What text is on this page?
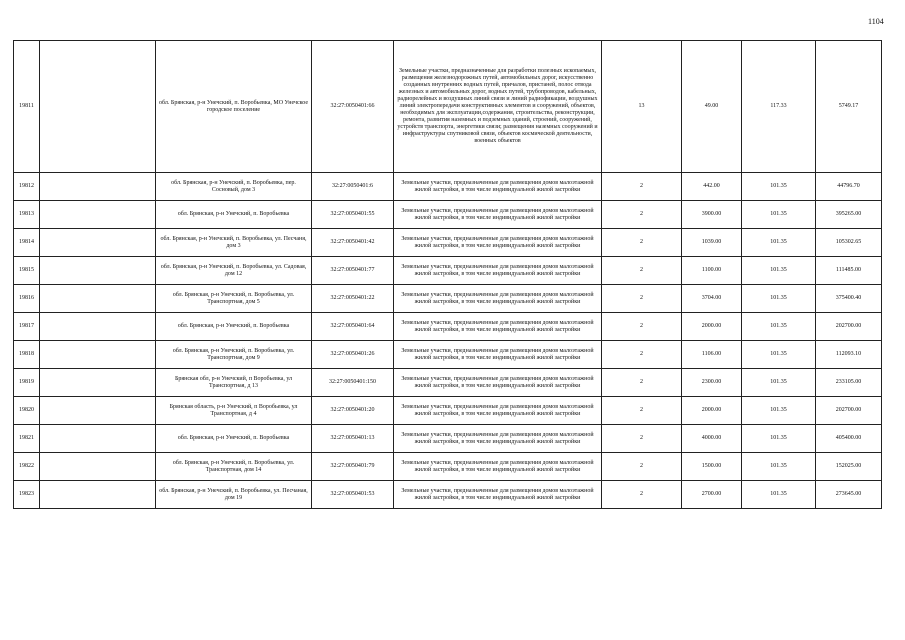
1104
19811		обл. Брянская, р-н Унечский, п. Воробьевка, МО Унечское городское поселение	32:27:0050401:66	Земельные участки, предназначенные для разработки полезных ископаемых, размещения железнодорожных путей, автомобильных дорог, искусственно созданных внутренних водных путей, причалов, пристаней, полос отвода железных и автомобильных дорог, водных путей, трубопроводов, кабельных, радиорелейных и воздушных линий связи и линий радиофикации, воздушных линий электропередачи конструктивных элементов и сооружений, объектов, необходимых для эксплуатации,содержания, строительства, реконструкции, ремонта, развития наземных и подземных зданий, строений, сооружений, устройств транспорта, энергетики связи; размещения наземных сооружений и инфраструктуры спутниковой связи, объектов космической деятельности, военных объектов	13	49.00	117.33	5749.17
19812		обл. Брянская, р-н Унечский, п. Воробьевка, пер. Сосновый, дом 3	32:27:0050401:6	Земельные участки, предназначенные для размещения домов малоэтажной жилой застройки, в том числе индивидуальной жилой застройки	2	442.00	101.35	44796.70
19813		обл. Брянская, р-н Унечский, п. Воробьевка	32:27:0050401:55	Земельные участки, предназначенные для размещения домов малоэтажной жилой застройки, в том числе индивидуальной жилой застройки	2	3900.00	101.35	395265.00
19814		обл. Брянская, р-н Унечский, п. Воробьевка, ул. Песчаня, дом 3	32:27:0050401:42	Земельные участки, предназначенные для размещения домов малоэтажной жилой застройки, в том числе индивидуальной жилой застройки	2	1039.00	101.35	105302.65
19815		обл. Брянская, р-н Унечский, п. Воробьевка, ул. Садовая, дом 12	32:27:0050401:77	Земельные участки, предназначенные для размещения домов малоэтажной жилой застройки, в том числе индивидуальной жилой застройки	2	1100.00	101.35	111485.00
19816		обл. Брянская, р-н Унечский, п. Воробьевка, ул. Транспортная, дом 5	32:27:0050401:22	Земельные участки, предназначенные для размещения домов малоэтажной жилой застройки, в том числе индивидуальной жилой застройки	2	3704.00	101.35	375400.40
19817		обл. Брянская, р-н Унечский, п. Воробьевка	32:27:0050401:64	Земельные участки, предназначенные для размещения домов малоэтажной жилой застройки, в том числе индивидуальной жилой застройки	2	2000.00	101.35	202700.00
19818		обл. Брянская, р-н Унечский, п. Воробьевка, ул. Транспортная, дом 9	32:27:0050401:26	Земельные участки, предназначенные для размещения домов малоэтажной жилой застройки, в том числе индивидуальной жилой застройки	2	1106.00	101.35	112093.10
19819		Брянская обл, р-н Унечский, п Воробьевка, ул Транспортная, д 13	32:27:0050401:150	Земельные участки, предназначенные для размещения домов малоэтажной жилой застройки, в том числе индивидуальной жилой застройки	2	2300.00	101.35	233105.00
19820		Брянская область, р-н Унечский, п Воробьевка, ул Транспортная, д 4	32:27:0050401:20	Земельные участки, предназначенные для размещения домов малоэтажной жилой застройки, в том числе индивидуальной жилой застройки	2	2000.00	101.35	202700.00
19821		обл. Брянская, р-н Унечский, п. Воробьевка	32:27:0050401:13	Земельные участки, предназначенные для размещения домов малоэтажной жилой застройки, в том числе индивидуальной жилой застройки	2	4000.00	101.35	405400.00
19822		обл. Брянская, р-н Унечский, п. Воробьевка, ул. Транспортная, дом 14	32:27:0050401:79	Земельные участки, предназначенные для размещения домов малоэтажной жилой застройки, в том числе индивидуальной жилой застройки	2	1500.00	101.35	152025.00
19823		обл. Брянская, р-н Унечский, п. Воробьевка, ул. Песчаная, дом 19	32:27:0050401:53	Земельные участки, предназначенные для размещения домов малоэтажной жилой застройки, в том числе индивидуальной жилой застройки	2	2700.00	101.35	273645.00
